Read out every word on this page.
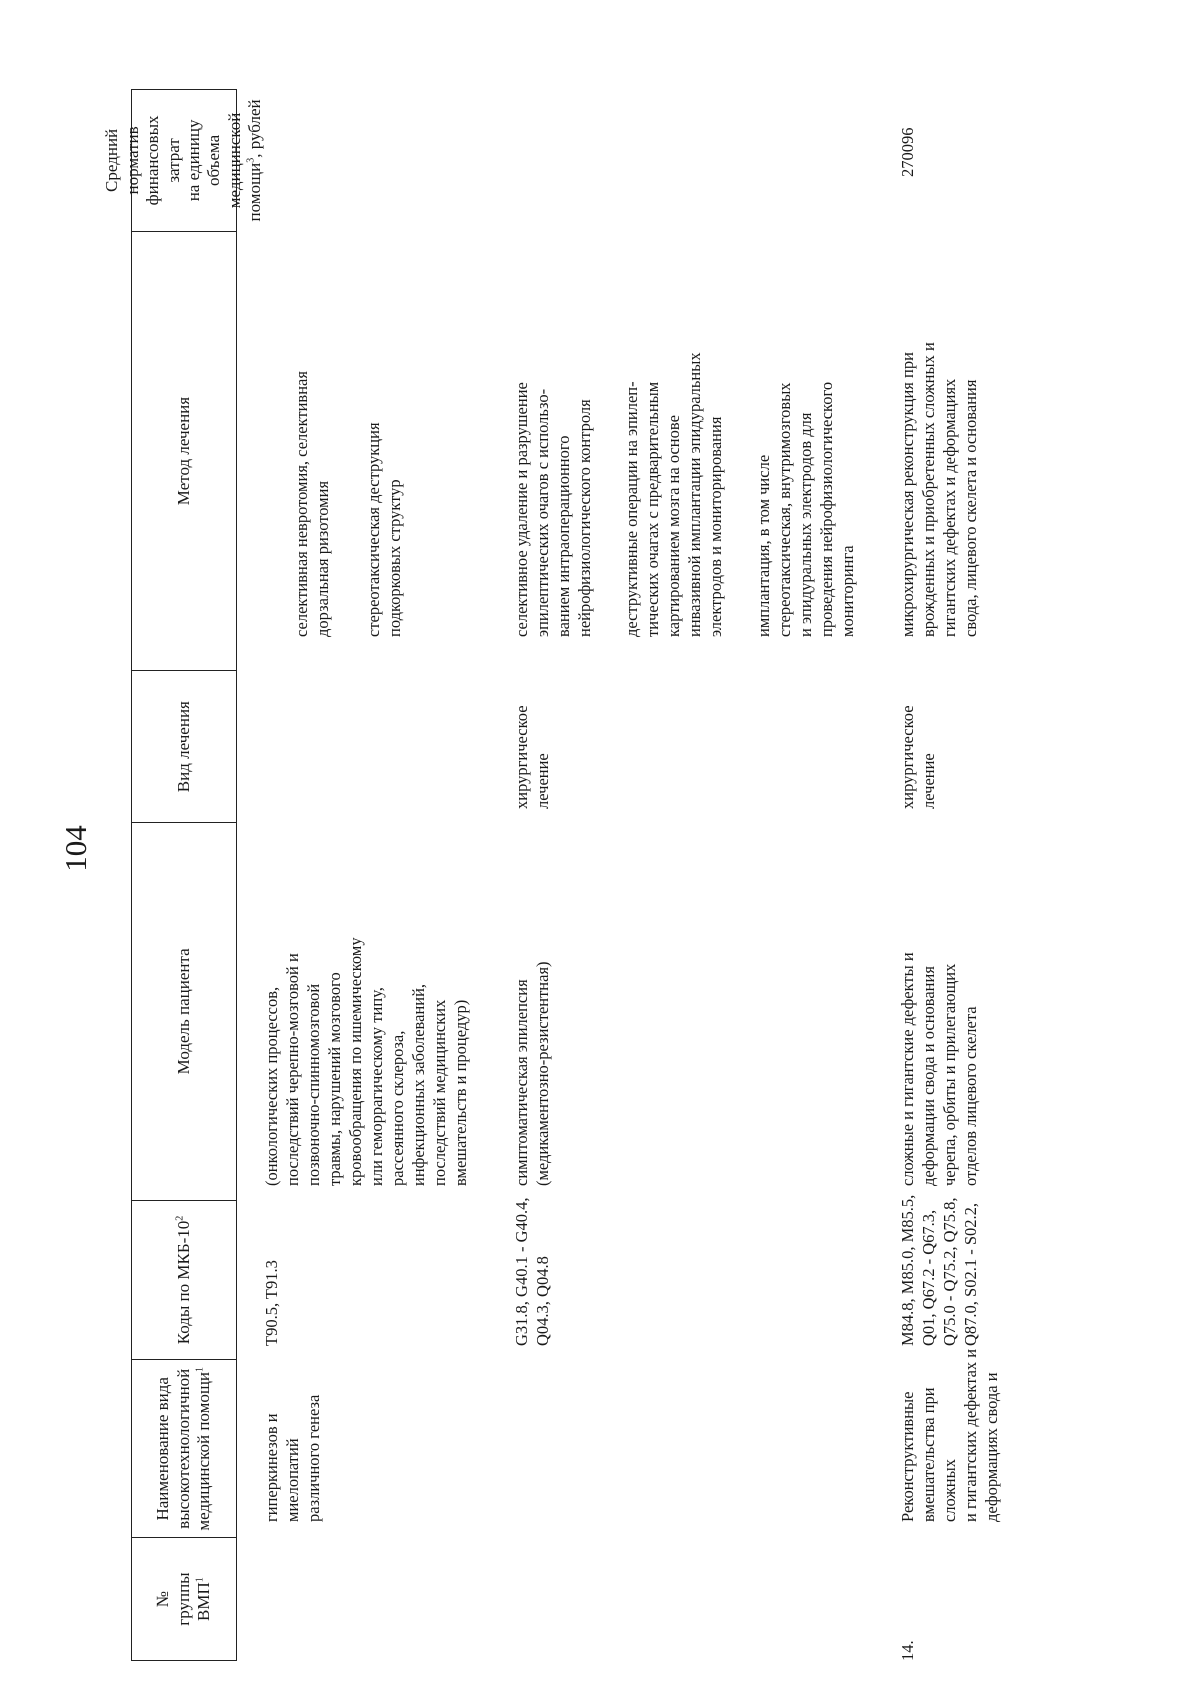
104
№
группы
ВМП$^1$
Наименование вида
высокотехнологичной
медицинской помощи$^1$
Коды по МКБ-$10^2$
Модель пациента
Вид лечения
Метод лечения
Средний норматив
финансовых затрат
на единицу объема
медицинской
помощи$^3$, рублей
гиперкинезов и миелопатий
различного генеза
T90.5, T91.3
(онкологических процессов,
последствий черепно-мозговой и
позвоночно-спинномозговой
травмы, нарушений мозгового
кровообращения по ишемическому
или геморрагическому типу,
рассеянного склероза,
инфекционных заболеваний,
последствий медицинских
вмешательств и процедур)
селективная невротомия, селективная
дорзальная ризотомия стереотаксическая деструкция
подкорковых структур
G31.8, G40.1 - G40.4,
Q04.3, Q04.8
симптоматическая эпилепсия
(медикаментозно-резистентная)
хирургическое
лечение
селективное удаление и разрушение
эпилептических очагов с использо-
ванием интраоперационного
нейрофизиологического контроля
деструктивные операции на эпилеп-
тических очагах с предварительным
картированием мозга на основе
инвазивной имплантации эпидуральных
электродов и мониторирования
имплантация, в том числе
стереотаксическая, внутримозговых
и эпидуральных электродов для
проведения нейрофизиологического
мониторинга
14.
Реконструктивные
вмешательства при сложных
и гигантских дефектах и
деформациях свода и
M84.8, M85.0, M85.5,
Q01, Q67.2 - Q67.3,
Q75.0 - Q75.2, Q75.8,
Q87.0, S02.1 - S02.2,
сложные и гигантские дефекты и
деформации свода и основания
черепа, орбиты и прилегающих
отделов лицевого скелета
хирургическое
лечение
микрохирургическая реконструкция при
врожденных и приобретенных сложных и
гигантских дефектах и деформациях
свода, лицевого скелета и основания
270096
